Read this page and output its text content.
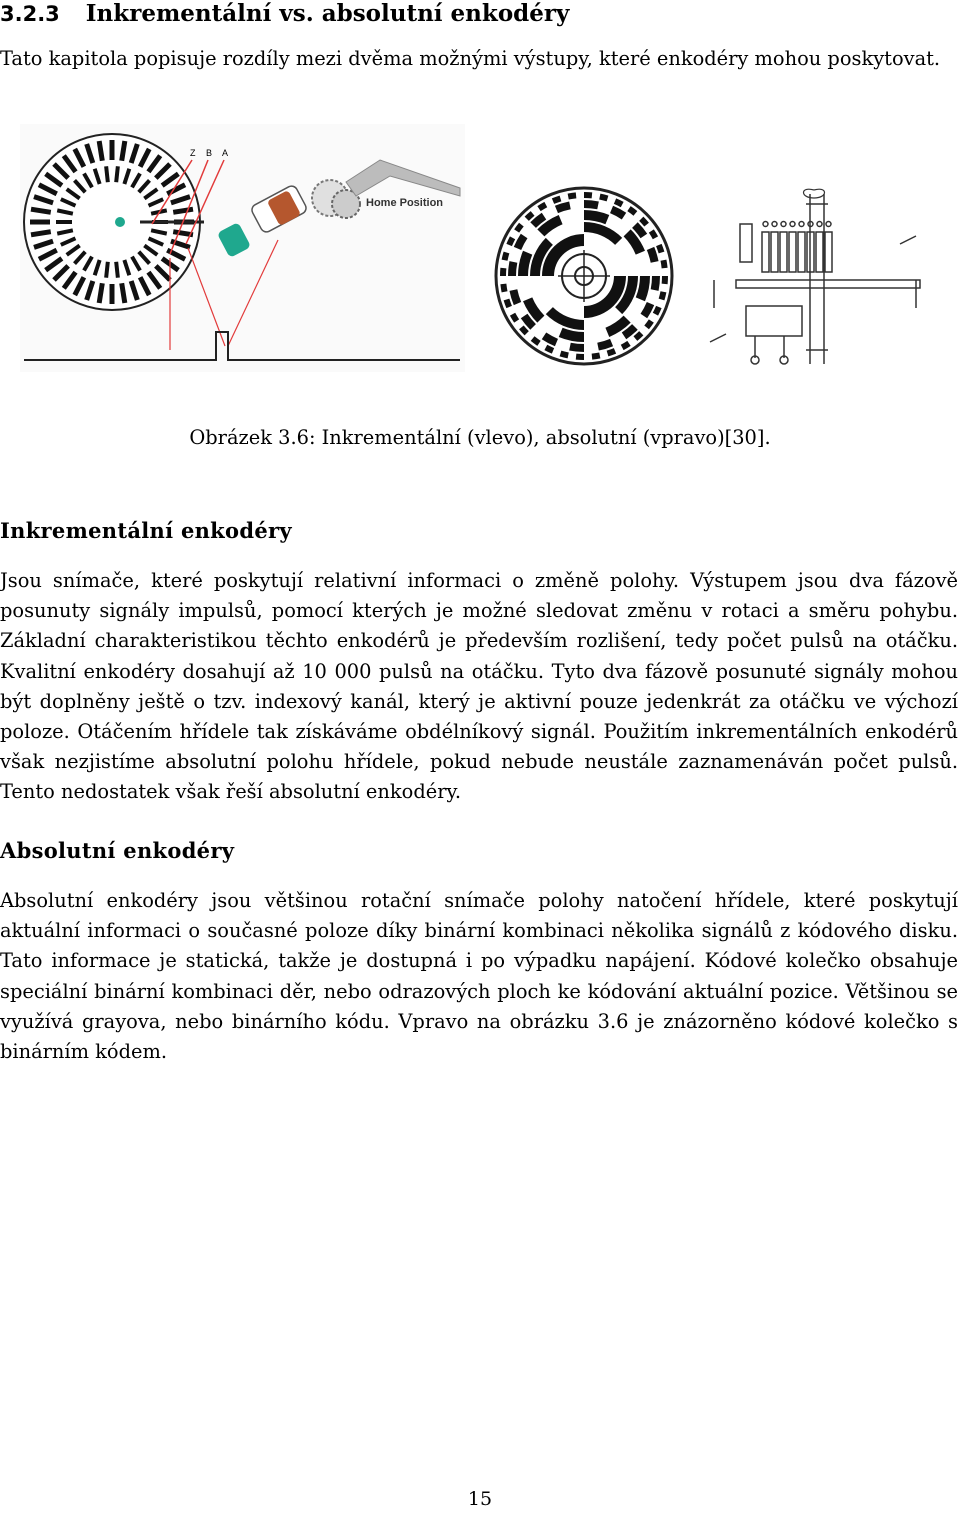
3.2.3 Inkrementální vs. absolutní enkodéry

Tato kapitola popisuje rozdíly mezi dvěma možnými výstupy, které enkodéry mohou poskytovat.

Z B A
Home Position
Obrázek 3.6: Inkrementální (vlevo), absolutní (vpravo)[30].
Inkrementální enkodéry

Jsou snímače, které poskytují relativní informaci o změně polohy. Výstupem jsou dva fázově posunuty signály impulsů, pomocí kterých je možné sledovat změnu v rotaci a směru pohybu. Základní charakteristikou těchto enkodérů je především rozlišení, tedy počet pulsů na otáčku. Kvalitní enkodéry dosahují až 10 000 pulsů na otáčku. Tyto dva fázově posunuté signály mohou být doplněny ještě o tzv. indexový kanál, který je aktivní pouze jedenkrát za otáčku ve výchozí poloze. Otáčením hřídele tak získáváme obdélníkový signál. Použitím inkrementálních enkodérů však nezjistíme absolutní polohu hřídele, pokud nebude neustále zaznamenáván počet pulsů. Tento nedostatek však řeší absolutní enkodéry.

Absolutní enkodéry

Absolutní enkodéry jsou většinou rotační snímače polohy natočení hřídele, které poskytují aktuální informaci o současné poloze díky binární kombinaci několika signálů z kódového disku. Tato informace je statická, takže je dostupná i po výpadku napájení. Kódové kolečko obsahuje speciální binární kombinaci děr, nebo odrazových ploch ke kódování aktuální pozice. Většinou se využívá grayova, nebo binárního kódu. Vpravo na obrázku 3.6 je znázorněno kódové kolečko s binárním kódem.

15
